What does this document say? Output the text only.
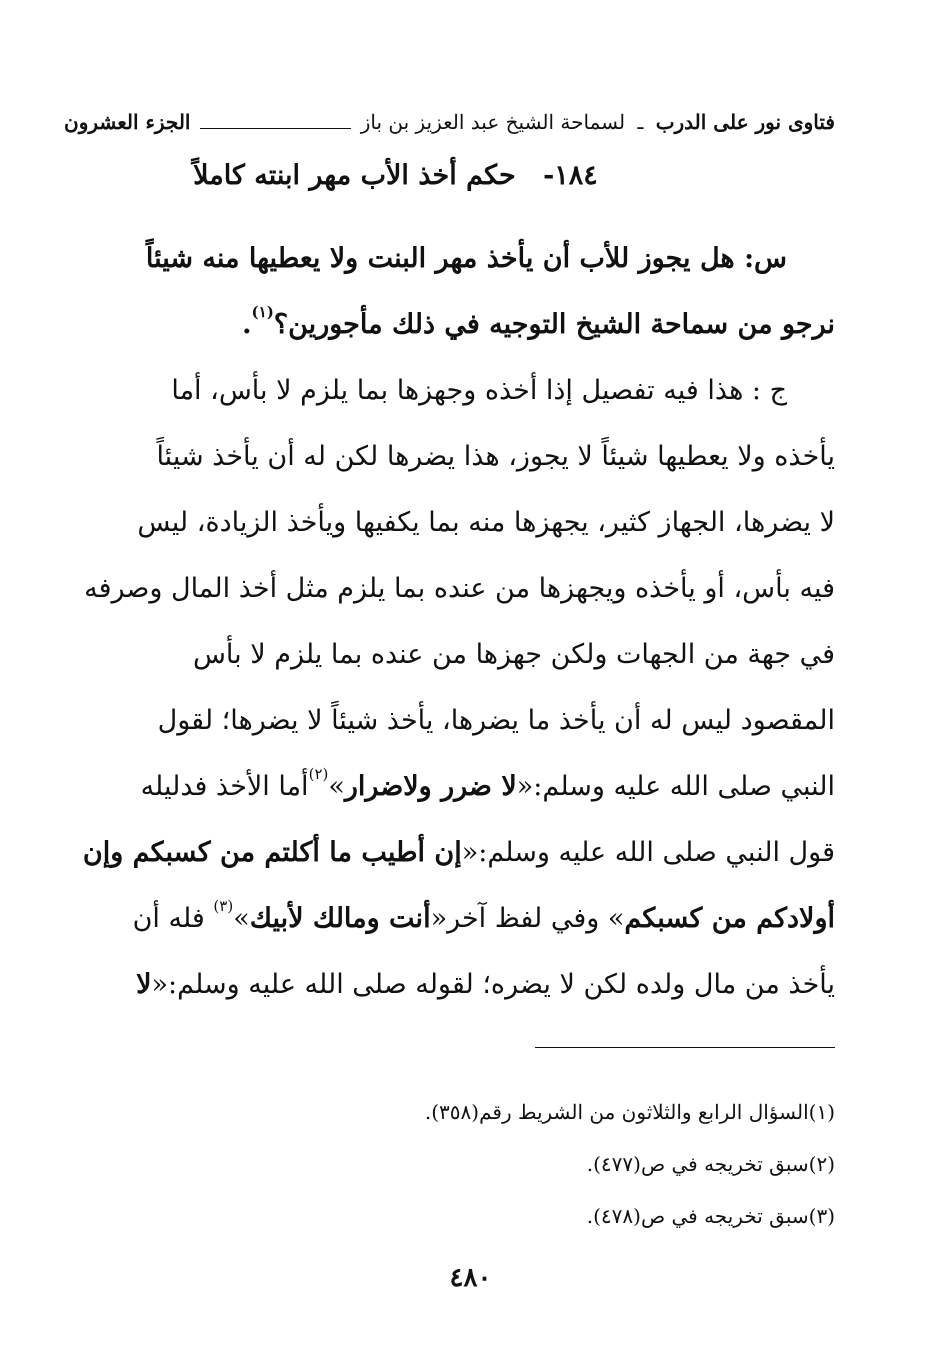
فتاوى نور على الدرب ـ لسماحة الشيخ عبد العزيز بن باز
الجزء العشرون
١٨٤- حكم أخذ الأب مهر ابنته كاملاً
س: هل يجوز للأب أن يأخذ مهر البنت ولا يعطيها منه شيئاً
نرجو من سماحة الشيخ التوجيه في ذلك مأجورين؟$^{(١)}$.
ج : هذا فيه تفصيل إذا أخذه وجهزها بما يلزم لا بأس، أما
يأخذه ولا يعطيها شيئاً لا يجوز، هذا يضرها لكن له أن يأخذ شيئاً
لا يضرها، الجهاز كثير، يجهزها منه بما يكفيها ويأخذ الزيادة، ليس
فيه بأس، أو يأخذه ويجهزها من عنده بما يلزم مثل أخذ المال وصرفه
في جهة من الجهات ولكن جهزها من عنده بما يلزم لا بأس
المقصود ليس له أن يأخذ ما يضرها، يأخذ شيئاً لا يضرها؛ لقول
النبي صلى الله عليه وسلم:«لا ضرر ولاضرار»$^{(٢)}$أما الأخذ فدليله
قول النبي صلى الله عليه وسلم:«إن أطيب ما أكلتم من كسبكم وإن
أولادكم من كسبكم» وفي لفظ آخر«أنت ومالك لأبيك»$^{(٣)}$ فله أن
يأخذ من مال ولده لكن لا يضره؛ لقوله صلى الله عليه وسلم:«لا
(١)السؤال الرابع والثلاثون من الشريط رقم(٣٥٨).
(٢)سبق تخريجه في ص(٤٧٧).
(٣)سبق تخريجه في ص(٤٧٨).
٤٨٠
